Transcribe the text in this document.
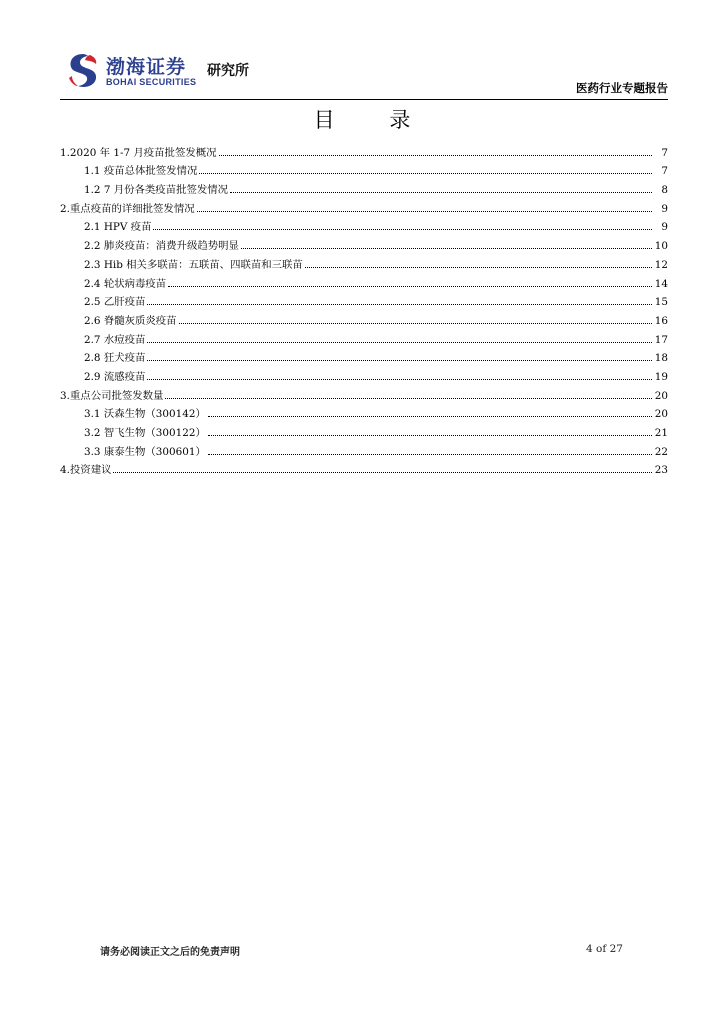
渤海证券
BOHAI SECURITIES
研究所
医药行业专题报告
目 录
1.2020 年 1-7 月疫苗批签发概况	7
1.1 疫苗总体批签发情况	7
1.2 7 月份各类疫苗批签发情况	8
2.重点疫苗的详细批签发情况	9
2.1 HPV 疫苗	9
2.2 肺炎疫苗：消费升级趋势明显	10
2.3 Hib 相关多联苗：五联苗、四联苗和三联苗	12
2.4 轮状病毒疫苗	14
2.5 乙肝疫苗	15
2.6 脊髓灰质炎疫苗	16
2.7 水痘疫苗	17
2.8 狂犬疫苗	18
2.9 流感疫苗	19
3.重点公司批签发数量	20
3.1 沃森生物（300142）	20
3.2 智飞生物（300122）	21
3.3 康泰生物（300601）	22
4.投资建议	23
请务必阅读正文之后的免责声明	4 of 27
